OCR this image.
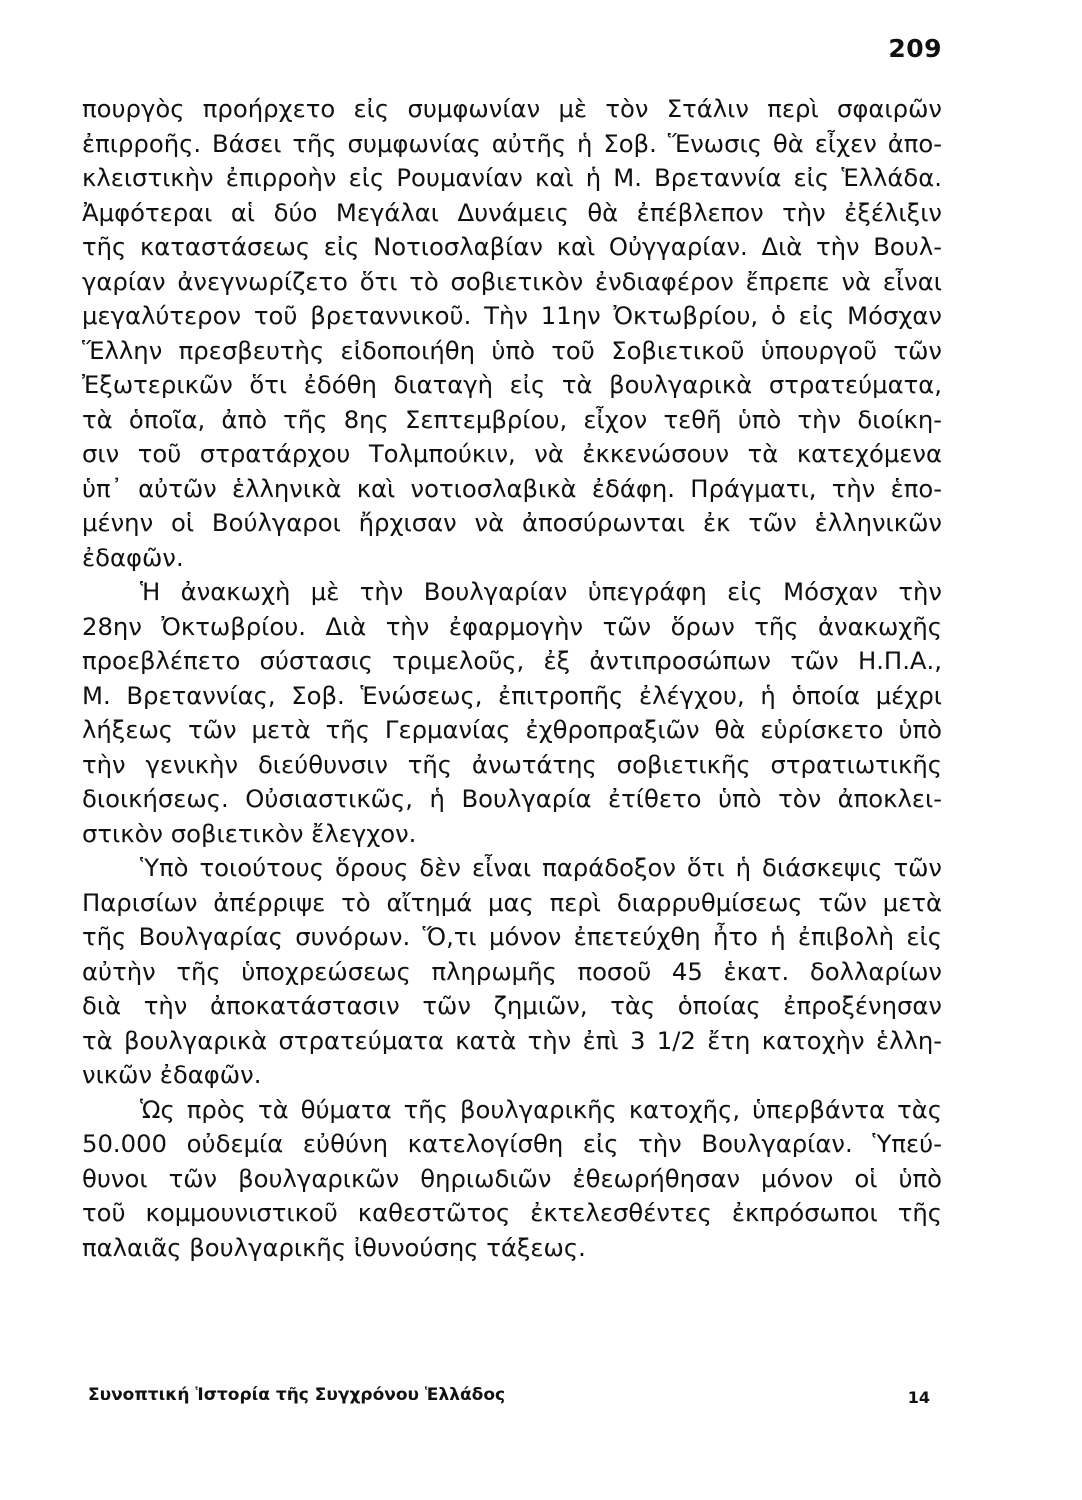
209
πουργὸς προήρχετο εἰς συμφωνίαν μὲ τὸν Στάλιν περὶ σφαιρῶν
ἐπιρροῆς. Βάσει τῆς συμφωνίας αὐτῆς ἡ Σοβ. Ἕνωσις θὰ εἶχεν ἀπο-
κλειστικὴν ἐπιρροὴν εἰς Ρουμανίαν καὶ ἡ Μ. Βρεταννία εἰς Ἑλλάδα.
Ἀμφότεραι αἱ δύο Μεγάλαι Δυνάμεις θὰ ἐπέβλεπον τὴν ἐξέλιξιν
τῆς καταστάσεως εἰς Νοτιοσλαβίαν καὶ Οὐγγαρίαν. Διὰ τὴν Βουλ-
γαρίαν ἀνεγνωρίζετο ὅτι τὸ σοβιετικὸν ἐνδιαφέρον ἔπρεπε νὰ εἶναι
μεγαλύτερον τοῦ βρεταννικοῦ. Τὴν 11ην Ὀκτωβρίου, ὁ εἰς Μόσχαν
Ἕλλην πρεσβευτὴς εἰδοποιήθη ὑπὸ τοῦ Σοβιετικοῦ ὑπουργοῦ τῶν
Ἐξωτερικῶν ὅτι ἐδόθη διαταγὴ εἰς τὰ βουλγαρικὰ στρατεύματα,
τὰ ὁποῖα, ἀπὸ τῆς 8ης Σεπτεμβρίου, εἶχον τεθῆ ὑπὸ τὴν διοίκη-
σιν τοῦ στρατάρχου Τολμπούκιν, νὰ ἐκκενώσουν τὰ κατεχόμενα
ὑπ᾽ αὐτῶν ἑλληνικὰ καὶ νοτιοσλαβικὰ ἐδάφη. Πράγματι, τὴν ἑπο-
μένην οἱ Βούλγαροι ἤρχισαν νὰ ἀποσύρωνται ἐκ τῶν ἑλληνικῶν
ἐδαφῶν.
Ἡ ἀνακωχὴ μὲ τὴν Βουλγαρίαν ὑπεγράφη εἰς Μόσχαν τὴν
28ην Ὀκτωβρίου. Διὰ τὴν ἐφαρμογὴν τῶν ὅρων τῆς ἀνακωχῆς
προεβλέπετο σύστασις τριμελοῦς, ἐξ ἀντιπροσώπων τῶν Η.Π.Α.,
Μ. Βρεταννίας, Σοβ. Ἑνώσεως, ἐπιτροπῆς ἐλέγχου, ἡ ὁποία μέχρι
λήξεως τῶν μετὰ τῆς Γερμανίας ἐχθροπραξιῶν θὰ εὑρίσκετο ὑπὸ
τὴν γενικὴν διεύθυνσιν τῆς ἀνωτάτης σοβιετικῆς στρατιωτικῆς
διοικήσεως. Οὐσιαστικῶς, ἡ Βουλγαρία ἐτίθετο ὑπὸ τὸν ἀποκλει-
στικὸν σοβιετικὸν ἔλεγχον.
Ὑπὸ τοιούτους ὅρους δὲν εἶναι παράδοξον ὅτι ἡ διάσκεψις τῶν
Παρισίων ἀπέρριψε τὸ αἴτημά μας περὶ διαρρυθμίσεως τῶν μετὰ
τῆς Βουλγαρίας συνόρων. Ὅ,τι μόνον ἐπετεύχθη ἦτο ἡ ἐπιβολὴ εἰς
αὐτὴν τῆς ὑποχρεώσεως πληρωμῆς ποσοῦ 45 ἑκατ. δολλαρίων
διὰ τὴν ἀποκατάστασιν τῶν ζημιῶν, τὰς ὁποίας ἐπροξένησαν
τὰ βουλγαρικὰ στρατεύματα κατὰ τὴν ἐπὶ 3 1/2 ἔτη κατοχὴν ἑλλη-
νικῶν ἐδαφῶν.
Ὡς πρὸς τὰ θύματα τῆς βουλγαρικῆς κατοχῆς, ὑπερβάντα τὰς
50.000 οὐδεμία εὐθύνη κατελογίσθη εἰς τὴν Βουλγαρίαν. Ὑπεύ-
θυνοι τῶν βουλγαρικῶν θηριωδιῶν ἐθεωρήθησαν μόνον οἱ ὑπὸ
τοῦ κομμουνιστικοῦ καθεστῶτος ἐκτελεσθέντες ἐκπρόσωποι τῆς
παλαιᾶς βουλγαρικῆς ἰθυνούσης τάξεως.
Συνοπτική Ἱστορία τῆς Συγχρόνου Ἑλλάδος	14
